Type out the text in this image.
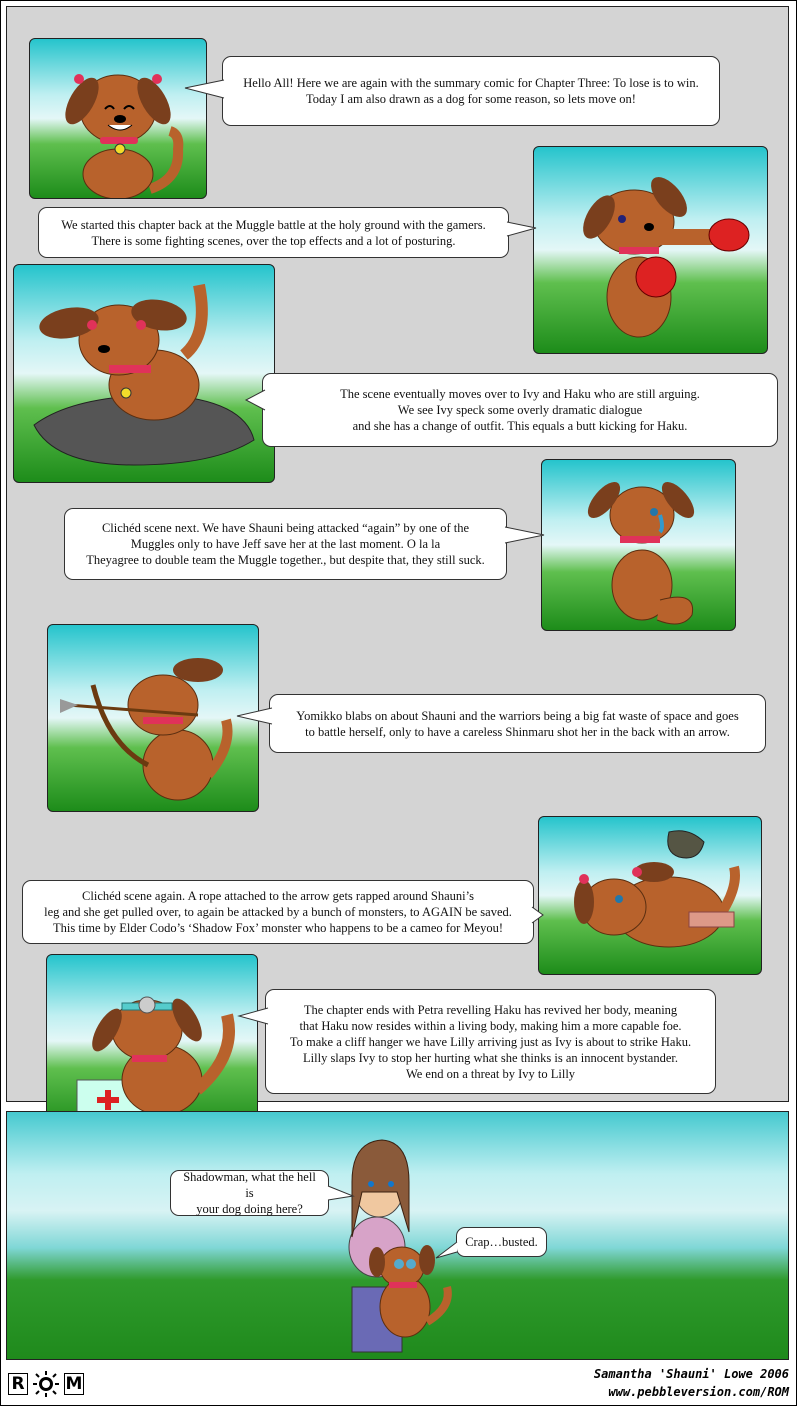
Hello All! Here we are again with the summary comic for Chapter Three: To lose is to win.
Today I am also drawn as a dog for some reason, so lets move on!
We started this chapter back at the Muggle battle at the holy ground with the gamers.
There is some fighting scenes, over the top effects and a lot of posturing.
The scene eventually moves over to Ivy and Haku who are still arguing.
We see Ivy speck some overly dramatic dialogue
and she has a change of outfit. This equals a butt kicking for Haku.
Clichéd scene next. We have Shauni being attacked “again” by one of the
Muggles only to have Jeff save her at the last moment. O la la
Theyagree to double team the Muggle together., but despite that, they still suck.
Yomikko blabs on about Shauni and the warriors being a big fat waste of space and goes
to battle herself, only to have a careless Shinmaru shot her in the back with an arrow.
Clichéd scene again. A rope attached to the arrow gets rapped around Shauni’s
leg and she get pulled over, to again be attacked by a bunch of monsters, to AGAIN be saved.
This time by Elder Codo’s ‘Shadow Fox’ monster who happens to be a cameo for Meyou!
The chapter ends with Petra revelling Haku has revived her body, meaning
that Haku now resides within a living body, making him a more capable foe.
To make a cliff hanger we have Lilly arriving just as Ivy is about to strike Haku.
Lilly slaps Ivy to stop her hurting what she thinks is an innocent bystander.
We end on a threat by Ivy to Lilly
Shadowman, what the hell is
your dog doing here?
Crap…busted.
R M	Samantha 'Shauni' Lowe 2006
www.pebbleversion.com/ROM
